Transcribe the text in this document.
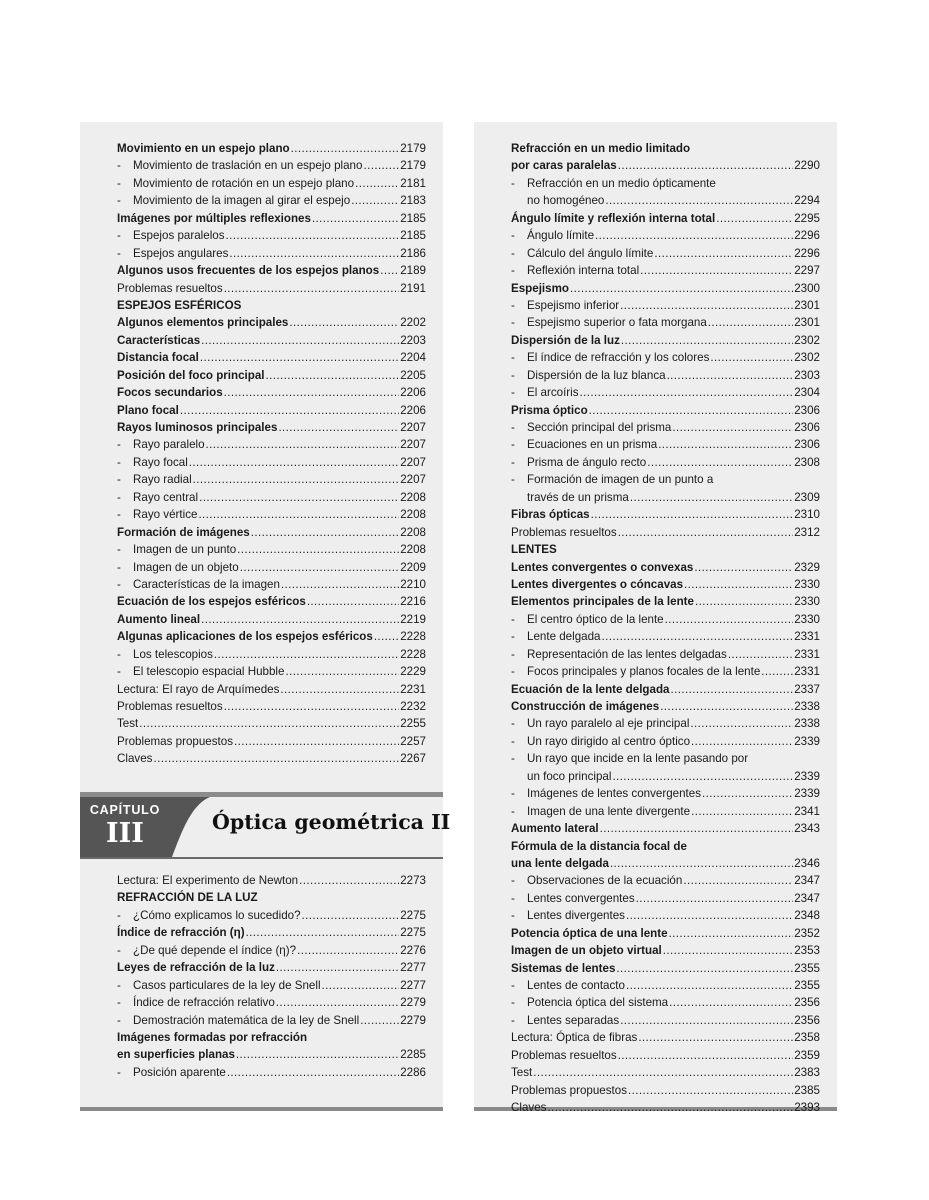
Movimiento en un espejo plano .....	2179
-	Movimiento de traslación en un espejo plano .....	2179
-	Movimiento de rotación en un espejo plano .....	2181
-	Movimiento de la imagen al girar el espejo .....	2183
Imágenes por múltiples reflexiones .....	2185
-	Espejos paralelos .....	2185
-	Espejos angulares .....	2186
Algunos usos frecuentes de los espejos planos ..... 2189
Problemas resueltos .....	2191
ESPEJOS ESFÉRICOS
Algunos elementos principales .....	2202
Características .....	2203
Distancia focal .....	2204
Posición del foco principal .....	2205
Focos secundarios .....	2206
Plano focal .....	2206
Rayos luminosos principales .....	2207
-	Rayo paralelo .....	2207
-	Rayo focal .....	2207
-	Rayo radial .....	2207
-	Rayo central .....	2208
-	Rayo vértice .....	2208
Formación de imágenes .....	2208
-	Imagen de un punto .....	2208
-	Imagen de un objeto .....	2209
-	Características de la imagen .....	2210
Ecuación de los espejos esféricos .....	2216
Aumento lineal .....	2219
Algunas aplicaciones de los espejos esféricos ..... 2228
-	Los telescopios .....	2228
-	El telescopio espacial Hubble .....	2229
Lectura: El rayo de Arquímedes .....	2231
Problemas resueltos .....	2232
Test .....	2255
Problemas propuestos .....	2257
Claves .....	2267
CAPÍTULO
III	Óptica geométrica II
Lectura: El experimento de Newton .....	2273
REFRACCIÓN DE LA LUZ
-	¿Cómo explicamos lo sucedido? .....	2275
Índice de refracción (η) .....	2275
-	¿De qué depende el índice (η)? .....	2276
Leyes de refracción de la luz .....	2277
-	Casos particulares de la ley de Snell .....	2277
-	Índice de refracción relativo .....	2279
-	Demostración matemática de la ley de Snell .....	2279
Imágenes formadas por refracción
en superficies planas .....	2285
-	Posición aparente .....	2286
Refracción en un medio limitado
por caras paralelas .....	2290
-	Refracción en un medio ópticamente
no homogéneo .....	2294
Ángulo límite y reflexión interna total .....	2295
-	Ángulo límite .....	2296
-	Cálculo del ángulo límite .....	2296
-	Reflexión interna total .....	2297
Espejismo .....	2300
-	Espejismo inferior .....	2301
-	Espejismo superior o fata morgana .....	2301
Dispersión de la luz .....	2302
-	El índice de refracción y los colores .....	2302
-	Dispersión de la luz blanca .....	2303
-	El arcoíris .....	2304
Prisma óptico .....	2306
-	Sección principal del prisma .....	2306
-	Ecuaciones en un prisma .....	2306
-	Prisma de ángulo recto .....	2308
-	Formación de imagen de un punto a
través de un prisma .....	2309
Fibras ópticas .....	2310
Problemas resueltos .....	2312
LENTES
Lentes convergentes o convexas .....	2329
Lentes divergentes o cóncavas .....	2330
Elementos principales de la lente .....	2330
-	El centro óptico de la lente .....	2330
-	Lente delgada .....	2331
-	Representación de las lentes delgadas .....	2331
-	Focos principales y planos focales de la lente .....	2331
Ecuación de la lente delgada .....	2337
Construcción de imágenes .....	2338
-	Un rayo paralelo al eje principal .....	2338
-	Un rayo dirigido al centro óptico .....	2339
-	Un rayo que incide en la lente pasando por
un foco principal .....	2339
-	Imágenes de lentes convergentes .....	2339
-	Imagen de una lente divergente .....	2341
Aumento lateral .....	2343
Fórmula de la distancia focal de
una lente delgada .....	2346
-	Observaciones de la ecuación .....	2347
-	Lentes convergentes .....	2347
-	Lentes divergentes .....	2348
Potencia óptica de una lente .....	2352
Imagen de un objeto virtual .....	2353
Sistemas de lentes .....	2355
-	Lentes de contacto .....	2355
-	Potencia óptica del sistema .....	2356
-	Lentes separadas .....	2356
Lectura: Óptica de fibras .....	2358
Problemas resueltos .....	2359
Test .....	2383
Problemas propuestos .....	2385
Claves .....	2393
